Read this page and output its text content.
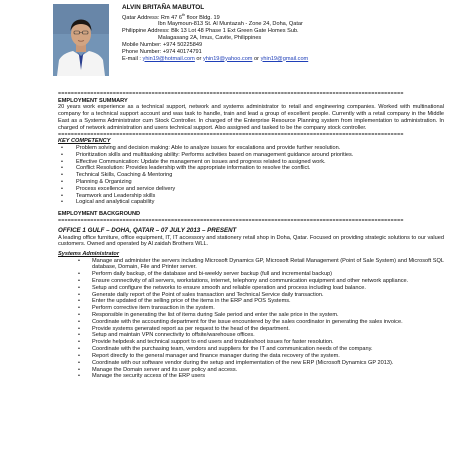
ALVIN BRITAÑA MABUTOL
Qatar Address: Rm 47 6th floor Bldg. 19
Ibn Maymoun-813 St. Al Muntazah - Zone 24, Doha, Qatar
Philippine Address: Blk 13 Lot 48 Phase 1 Ext Green Gate Homes Sub.
Malagasang 2A, Imus, Cavite, Philippines
Mobile Number: +974 50225849
Phone Number: +974 40174791
E-mail : yhin19@hotmail.com or yhin19@yahoo.com or yhin19@gmail.com
===========================================================================================================
EMPLOYMENT SUMMARY
20 years work experience as a technical support, network and systems administrator to retail and engineering companies. Worked with multinational company for a technical support account and was task to handle, train and lead a group of excellent people. Currently with a retail company in the Middle East as a Systems Administrator cum Stock Controller. In charged of the Enterprise Resource Planning system from implementation to administration. In charged of network administration and users technical support. Also assigned and tasked to be the company stock controller.
===========================================================================================================
KEY COMPETENCY
• Problem solving and decision making: Able to analyze issues for escalations and provide further resolution.
• Prioritization skills and multitasking ability: Performs activities based on management guidance around priorities.
• Effective Communication: Update the management on issues and progress related to assigned work.
• Conflict Resolution: Provides leadership with the appropriate information to resolve the conflict.
• Technical Skills, Coaching & Mentoring
• Planning & Organizing
• Process excellence and service delivery
• Teamwork and Leadership skills
• Logical and analytical capability
EMPLOYMENT BACKGROUND
===========================================================================================================
OFFICE 1 GULF – DOHA, QATAR – 07 JULY 2013 – PRESENT
A leading office furniture, office equipment, IT, IT accessory and stationery retail shop in Doha, Qatar. Focused on providing strategic solutions to our valued customers. Owned and operated by Al zaidah Brothers WLL.
Systems Administrator
• Manage and administer the servers including Microsoft Dynamics GP, Microsoft Retail Management (Point of Sale System) and Microsoft SQL database, Domain, File and Printer server.
• Perform daily backup, of the database and bi-weekly server backup (full and incremental backup)
• Ensure connectivity of all servers, workstations, internet, telephony and communication equipment and other network appliance.
• Setup and configure the networks to ensure smooth and reliable operation and process including load balance.
• Generate daily report of the Point of sales transaction and Technical Service daily transaction.
• Enter the updated of the selling price of the items in the ERP and POS Systems.
• Perform corrective item transaction in the system.
• Responsible in generating the list of items during Sale period and enter the sale price in the system.
• Coordinate with the accounting department for the issue encountered by the sales coordinator in generating the sales invoice.
• Provide systems generated report as per request to the head of the department.
• Setup and maintain VPN connectivity to offsite/warehouse offices.
• Provide helpdesk and technical support to end users and troubleshoot issues for faster resolution.
• Coordinate with the purchasing team, vendors and suppliers for the IT and communication needs of the company.
• Report directly to the general manager and finance manager during the data recovery of the system.
• Coordinate with our software vendor during the setup and implementation of the new ERP (Microsoft Dynamics GP 2013).
• Manage the Domain server and its user policy and access.
• Manage the security access of the ERP users
